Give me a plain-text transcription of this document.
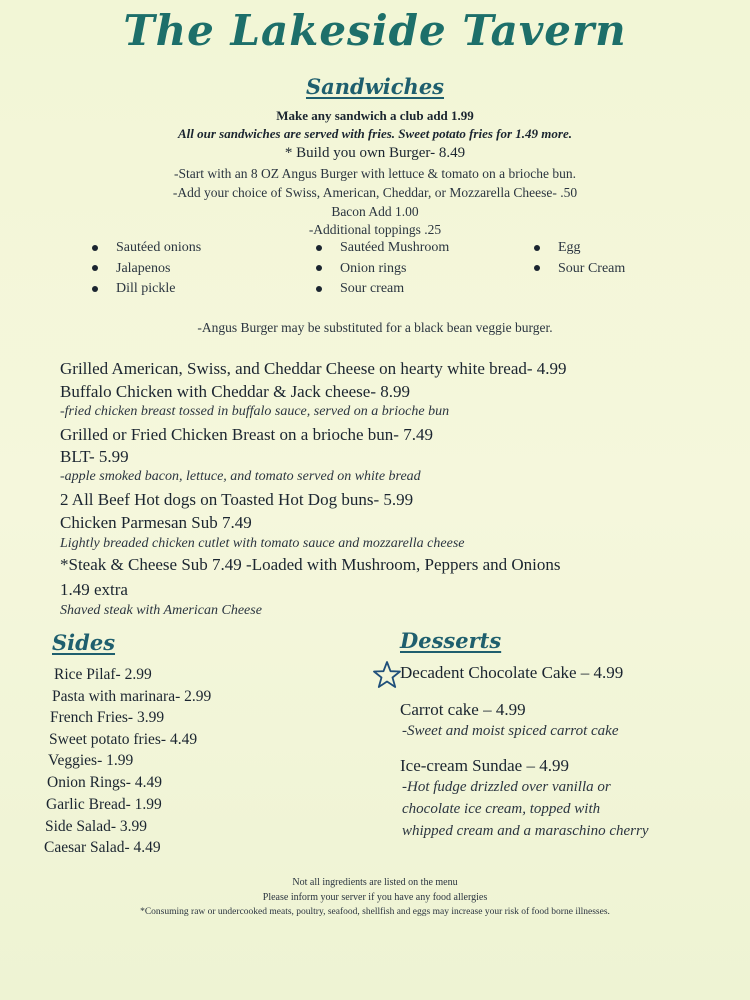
The Lakeside Tavern
Sandwiches
Make any sandwich a club add 1.99
All our sandwiches are served with fries. Sweet potato fries for 1.49 more.
* Build you own Burger- 8.49
-Start with an 8 OZ Angus Burger with lettuce & tomato on a brioche bun.
-Add your choice of Swiss, American, Cheddar, or Mozzarella Cheese- .50
Bacon Add 1.00
-Additional toppings .25
Sautéed onions
Jalapenos
Dill pickle
Sautéed Mushroom
Onion rings
Sour cream
Egg
Sour Cream
-Angus Burger may be substituted for a black bean veggie burger.
Grilled American, Swiss, and Cheddar Cheese on hearty white bread- 4.99
Buffalo Chicken with Cheddar & Jack cheese- 8.99
-fried chicken breast tossed in buffalo sauce, served on a brioche bun
Grilled or Fried Chicken Breast on a brioche bun- 7.49
BLT- 5.99
-apple smoked bacon, lettuce, and tomato served on white bread
2 All Beef Hot dogs on Toasted Hot Dog buns- 5.99
Chicken Parmesan Sub 7.49
Lightly breaded chicken cutlet with tomato sauce and mozzarella cheese
*Steak & Cheese Sub 7.49 -Loaded with Mushroom, Peppers and Onions
1.49 extra
Shaved steak with American Cheese
Sides
Rice Pilaf- 2.99
Pasta with marinara- 2.99
French Fries- 3.99
Sweet potato fries- 4.49
Veggies- 1.99
Onion Rings- 4.49
Garlic Bread- 1.99
Side Salad- 3.99
Caesar Salad- 4.49
Desserts
Decadent Chocolate Cake – 4.99
Carrot cake – 4.99
-Sweet and moist spiced carrot cake
Ice-cream Sundae – 4.99
-Hot fudge drizzled over vanilla or
chocolate ice cream, topped with
whipped cream and a maraschino cherry
Not all ingredients are listed on the menu
Please inform your server if you have any food allergies
*Consuming raw or undercooked meats, poultry, seafood, shellfish and eggs may increase your risk of food borne illnesses.
